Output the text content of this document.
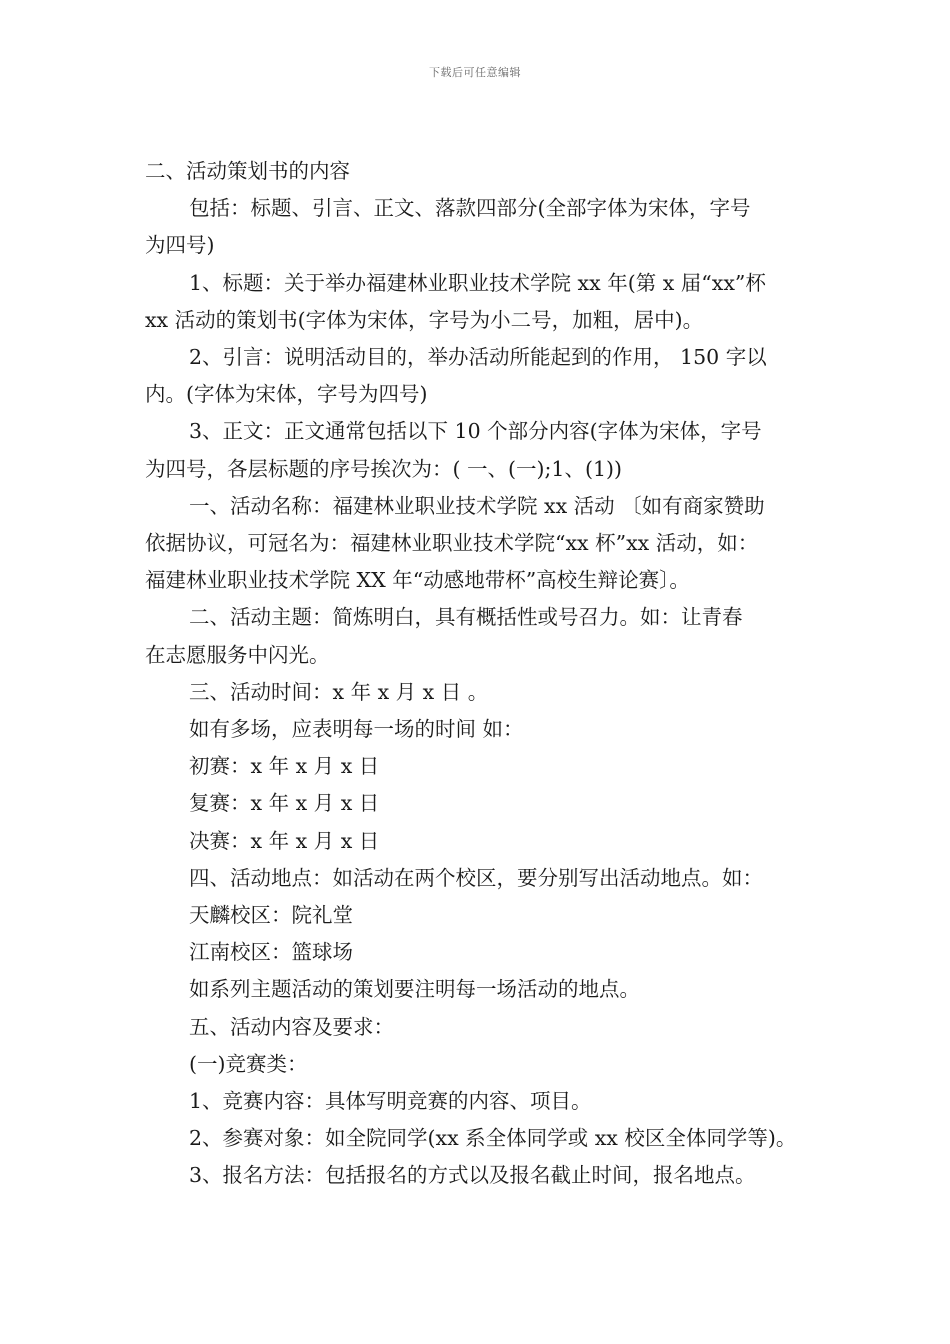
下载后可任意编辑

二、活动策划书的内容

包括：标题、引言、正文、落款四部分(全部字体为宋体，字号

为四号)

1、标题：关于举办福建林业职业技术学院 xx 年(第 x 届“xx”杯

xx 活动的策划书(字体为宋体，字号为小二号，加粗，居中)。

2、引言：说明活动目的，举办活动所能起到的作用， 150 字以

内。(字体为宋体，字号为四号)

3、正文：正文通常包括以下 10 个部分内容(字体为宋体，字号

为四号，各层标题的序号挨次为：( 一、(一);1、(1))

一、活动名称：福建林业职业技术学院 xx 活动 〔如有商家赞助

依据协议，可冠名为：福建林业职业技术学院“xx 杯”xx 活动，如：

福建林业职业技术学院 XX 年“动感地带杯”高校生辩论赛〕。

二、活动主题：简炼明白，具有概括性或号召力。如：让青春

在志愿服务中闪光。

三、活动时间：x 年 x 月 x 日 。

如有多场，应表明每一场的时间 如：

初赛：x 年 x 月 x 日

复赛：x 年 x 月 x 日

决赛：x 年 x 月 x 日

四、活动地点：如活动在两个校区，要分别写出活动地点。如：

天麟校区：院礼堂

江南校区：篮球场

如系列主题活动的策划要注明每一场活动的地点。

五、活动内容及要求：

(一)竞赛类：

1、竞赛内容：具体写明竞赛的内容、项目。

2、参赛对象：如全院同学(xx 系全体同学或 xx 校区全体同学等)。

3、报名方法：包括报名的方式以及报名截止时间，报名地点。
